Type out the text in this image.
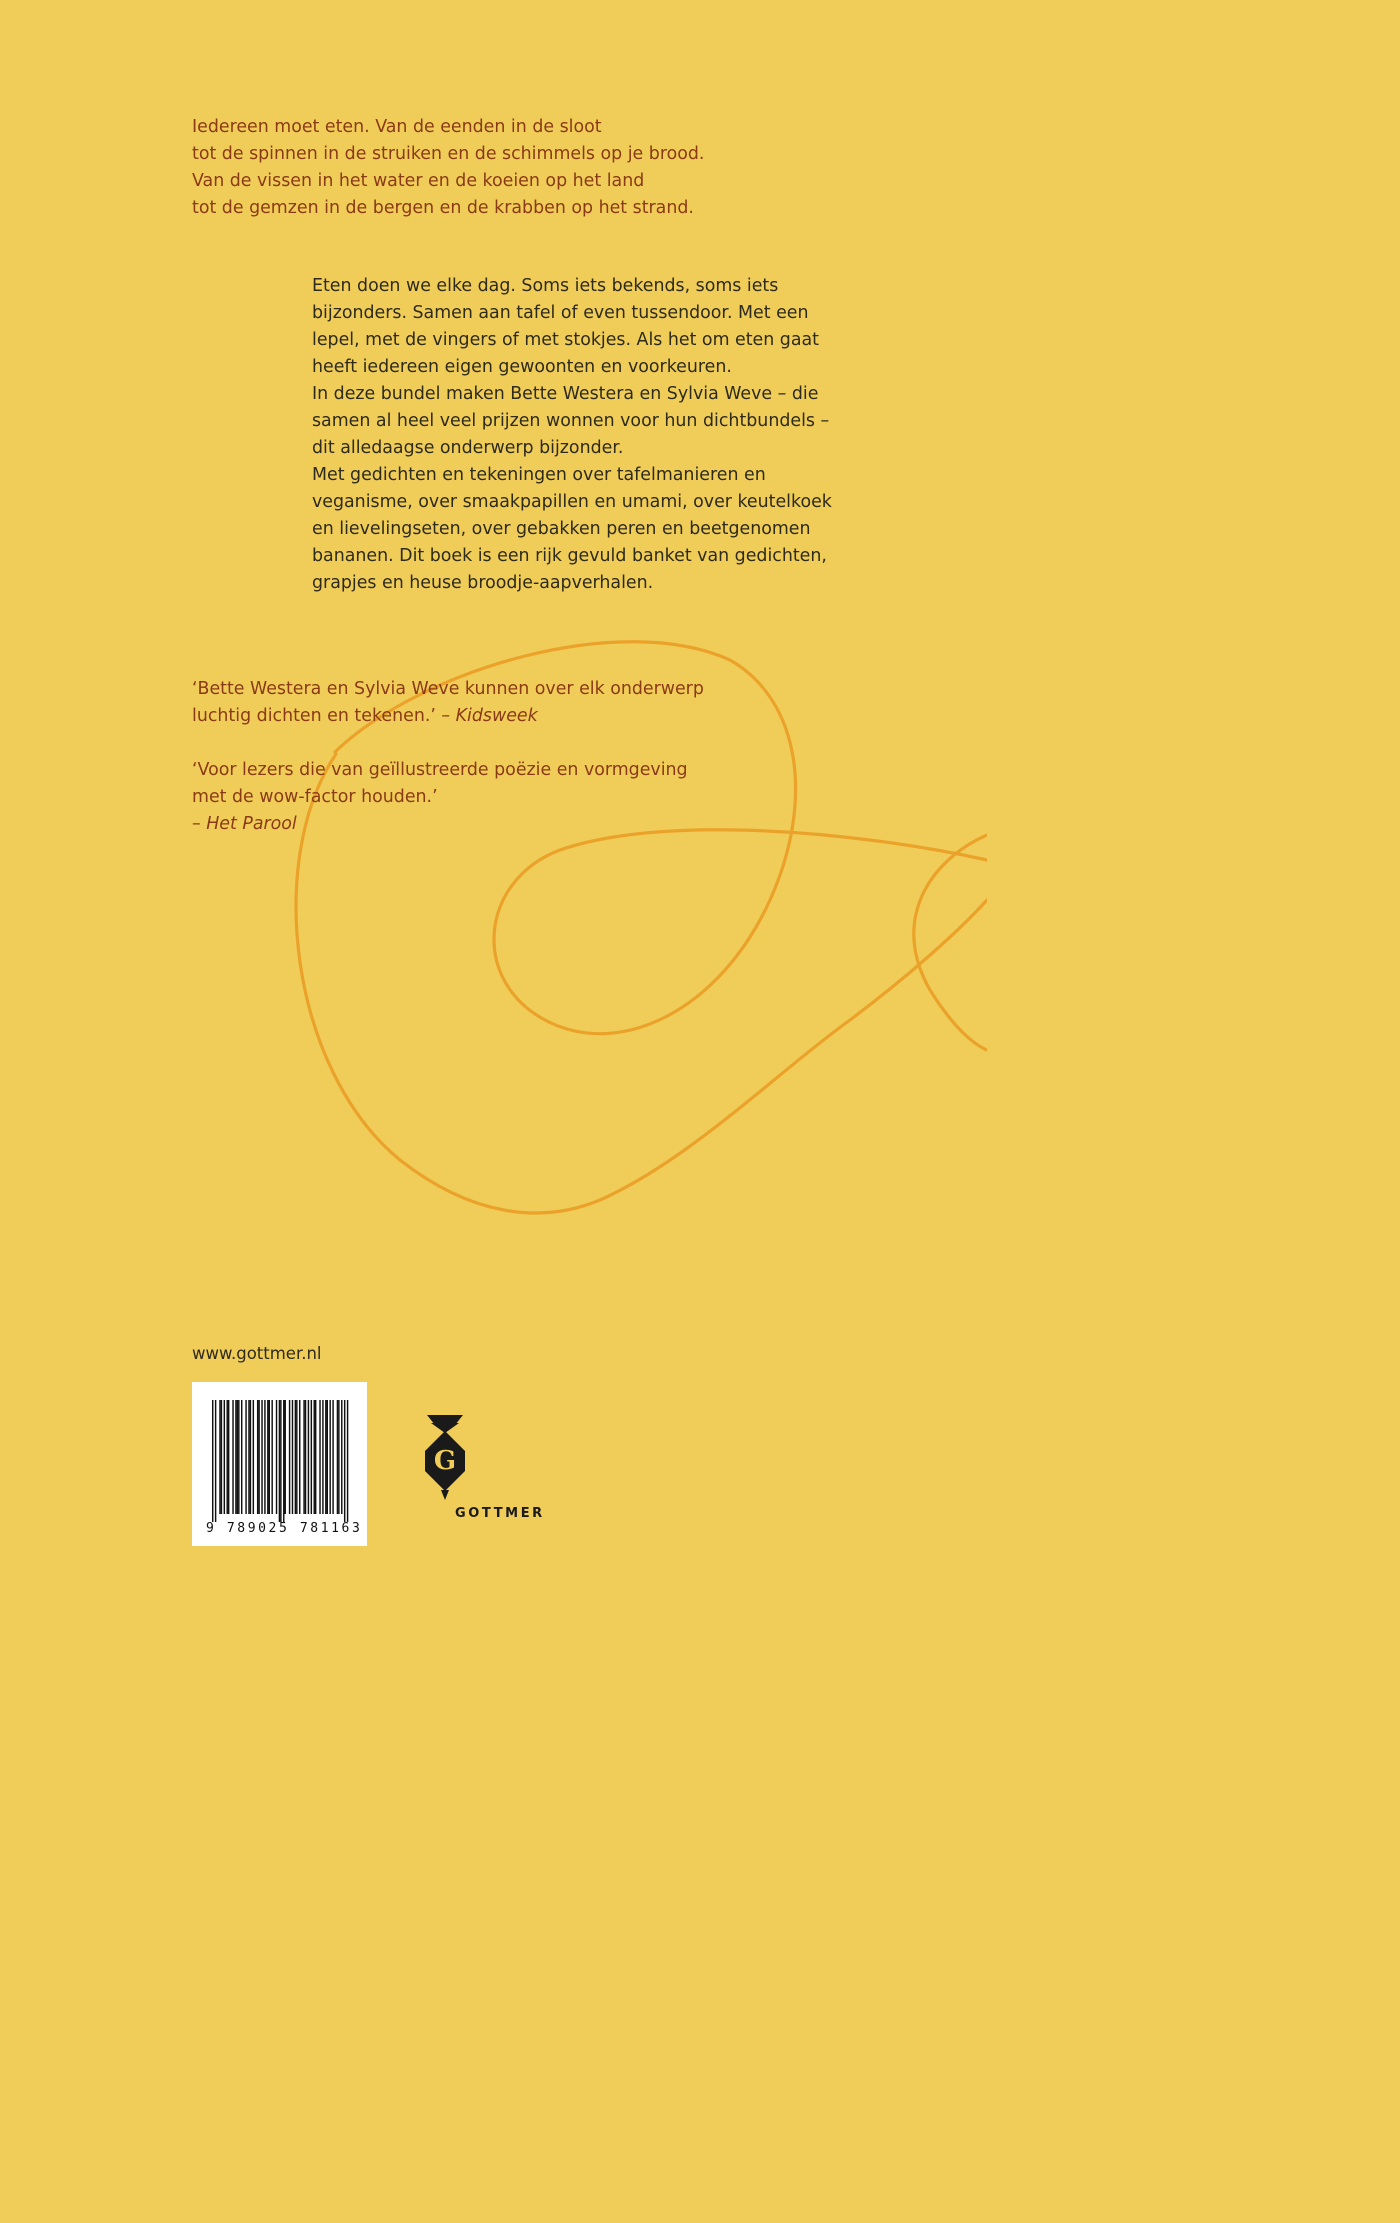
Iedereen moet eten. Van de eenden in de sloot
tot de spinnen in de struiken en de schimmels op je brood.
Van de vissen in het water en de koeien op het land
tot de gemzen in de bergen en de krabben op het strand.
Eten doen we elke dag. Soms iets bekends, soms iets
bijzonders. Samen aan tafel of even tussendoor. Met een
lepel, met de vingers of met stokjes. Als het om eten gaat
heeft iedereen eigen gewoonten en voorkeuren.
In deze bundel maken Bette Westera en Sylvia Weve – die
samen al heel veel prijzen wonnen voor hun dichtbundels –
dit alledaagse onderwerp bijzonder.
Met gedichten en tekeningen over tafelmanieren en
veganisme, over smaakpapillen en umami, over keutelkoek
en lievelingseten, over gebakken peren en beetgenomen
bananen. Dit boek is een rijk gevuld banket van gedichten,
grapjes en heuse broodje-aapverhalen.
‘Bette Westera en Sylvia Weve kunnen over elk onderwerp
luchtig dichten en tekenen.’ – Kidsweek
‘Voor lezers die van geïllustreerde poëzie en vormgeving
met de wow-factor houden.’
– Het Parool
www.gottmer.nl
9 789025 781163
G
GOTTMER
